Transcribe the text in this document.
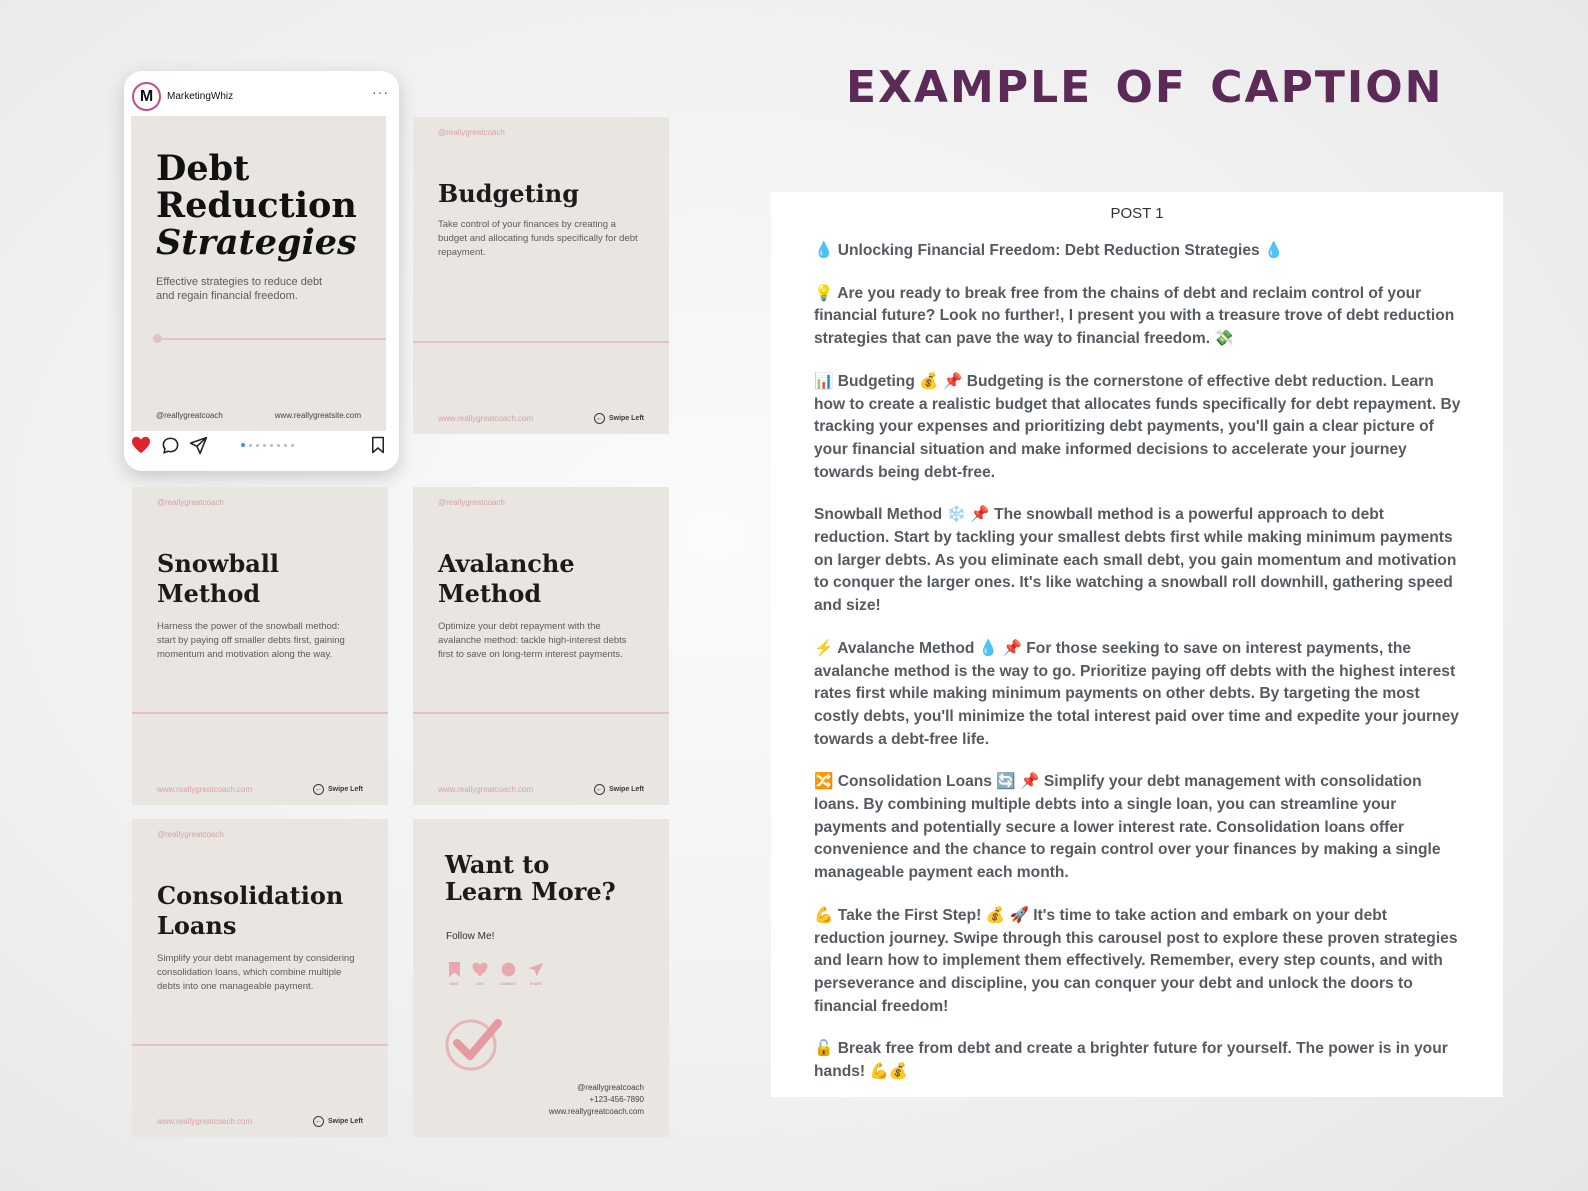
EXAMPLE OF CAPTION
M	MarketingWhiz	···
Debt
Reduction
Strategies
Effective strategies to reduce debt and regain financial freedom.
@reallygreatcoach	www.reallygreatsite.com
@reallygreatcoach
Budgeting
Take control of your finances by creating a budget and allocating funds specifically for debt repayment.
www.reallygreatcoach.com	← Swipe Left
@reallygreatcoach
Snowball
Method
Harness the power of the snowball method: start by paying off smaller debts first, gaining momentum and motivation along the way.
www.reallygreatcoach.com	← Swipe Left
@reallygreatcoach
Avalanche
Method
Optimize your debt repayment with the avalanche method: tackle high-interest debts first to save on long-term interest payments.
www.reallygreatcoach.com	← Swipe Left
@reallygreatcoach
Consolidation
Loans
Simplify your debt management by considering consolidation loans, which combine multiple debts into one manageable payment.
www.reallygreatcoach.com	← Swipe Left
Want to
Learn More?
Follow Me!
SAVE	LIKE	COMMENT	SHARE
@reallygreatcoach
+123-456-7890
www.reallygreatcoach.com
POST 1

💧 Unlocking Financial Freedom: Debt Reduction Strategies 💧

💡 Are you ready to break free from the chains of debt and reclaim control of your financial future? Look no further!, I present you with a treasure trove of debt reduction strategies that can pave the way to financial freedom. 💸

📊 Budgeting 💰 📌 Budgeting is the cornerstone of effective debt reduction. Learn how to create a realistic budget that allocates funds specifically for debt repayment. By tracking your expenses and prioritizing debt payments, you'll gain a clear picture of your financial situation and make informed decisions to accelerate your journey towards being debt-free.

Snowball Method ❄️ 📌 The snowball method is a powerful approach to debt reduction. Start by tackling your smallest debts first while making minimum payments on larger debts. As you eliminate each small debt, you gain momentum and motivation to conquer the larger ones. It's like watching a snowball roll downhill, gathering speed and size!

⚡ Avalanche Method 💧 📌 For those seeking to save on interest payments, the avalanche method is the way to go. Prioritize paying off debts with the highest interest rates first while making minimum payments on other debts. By targeting the most costly debts, you'll minimize the total interest paid over time and expedite your journey towards a debt-free life.

🔀 Consolidation Loans 🔄 📌 Simplify your debt management with consolidation loans. By combining multiple debts into a single loan, you can streamline your payments and potentially secure a lower interest rate. Consolidation loans offer convenience and the chance to regain control over your finances by making a single manageable payment each month.

💪 Take the First Step! 💰 🚀 It's time to take action and embark on your debt reduction journey. Swipe through this carousel post to explore these proven strategies and learn how to implement them effectively. Remember, every step counts, and with perseverance and discipline, you can conquer your debt and unlock the doors to financial freedom!

🔓 Break free from debt and create a brighter future for yourself. The power is in your hands! 💪💰
